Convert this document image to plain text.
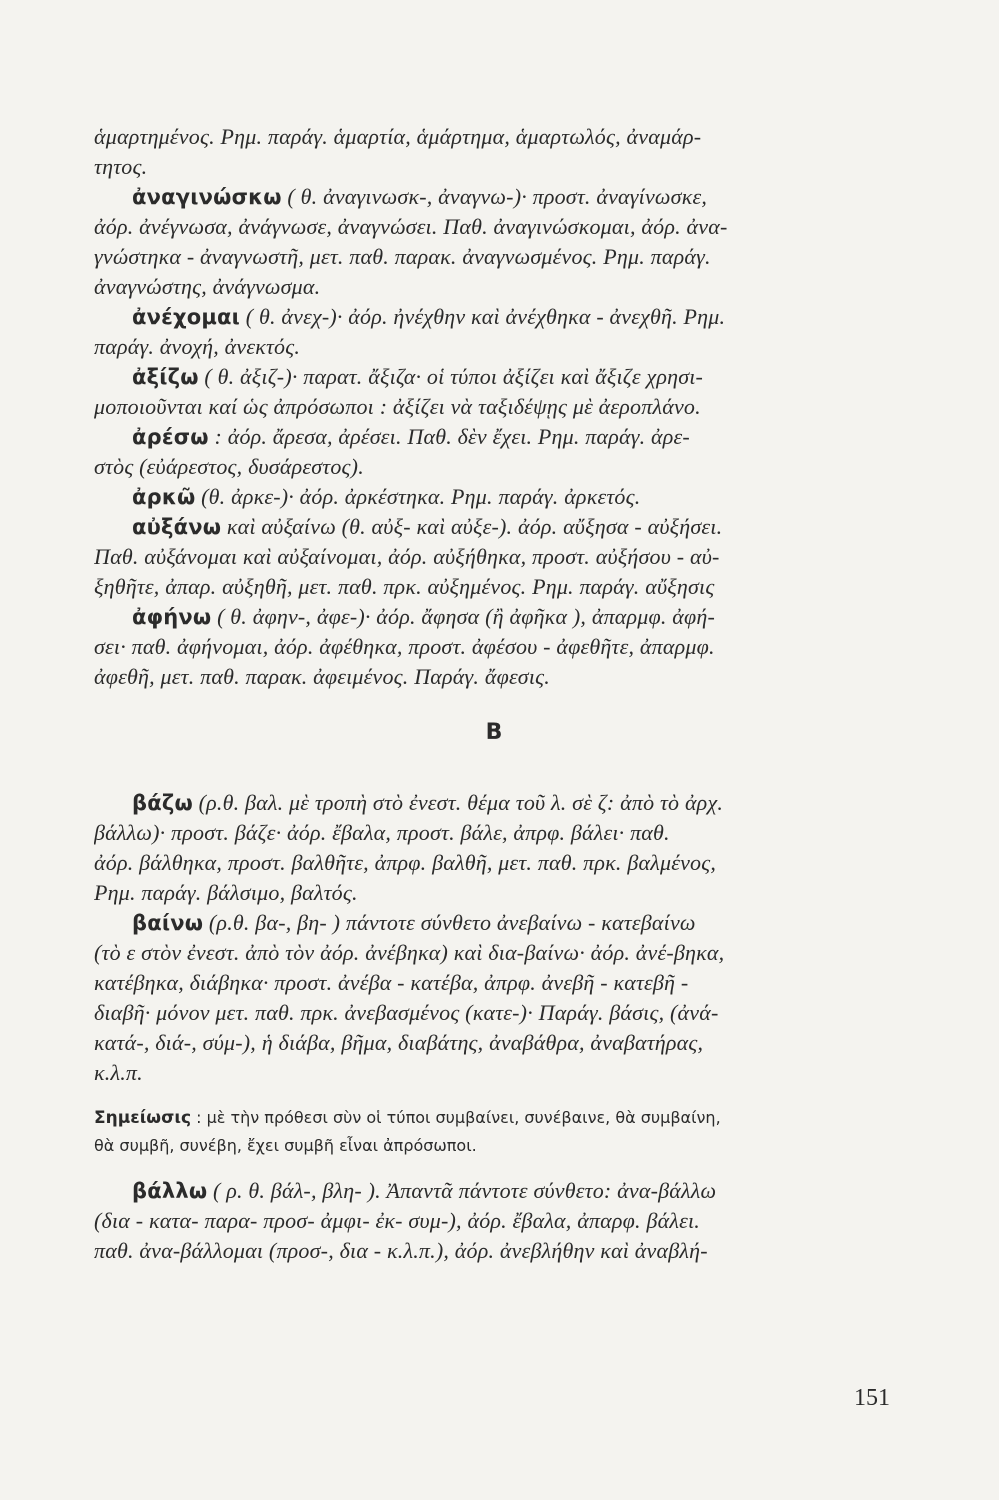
ἁμαρτημένος. Ρημ. παράγ. ἁμαρτία, ἁμάρτημα, ἁμαρτωλός, ἀναμάρ-
τητος.
ἀναγινώσκω ( θ. ἀναγινωσκ-, ἀναγνω-)· προστ. ἀναγίνωσκε,
ἀόρ. ἀνέγνωσα, ἀνάγνωσε, ἀναγνώσει. Παθ. ἀναγινώσκομαι, ἀόρ. ἀνα-
γνώστηκα - ἀναγνωστῆ, μετ. παθ. παρακ. ἀναγνωσμένος. Ρημ. παράγ.
ἀναγνώστης, ἀνάγνωσμα.
ἀνέχομαι ( θ. ἀνεχ-)· ἀόρ. ἠνέχθην καὶ ἀνέχθηκα - ἀνεχθῆ. Ρημ.
παράγ. ἀνοχή, ἀνεκτός.
ἀξίζω ( θ. ἀξιζ-)· παρατ. ἄξιζα· οἱ τύποι ἀξίζει καὶ ἄξιζε χρησι-
μοποιοῦνται καί ὡς ἀπρόσωποι : ἀξίζει νὰ ταξιδέψῃς μὲ ἀεροπλάνο.
ἀρέσω : ἀόρ. ἄρεσα, ἀρέσει. Παθ. δὲν ἔχει. Ρημ. παράγ. ἀρε-
στὸς (εὐάρεστος, δυσάρεστος).
ἀρκῶ (θ. ἀρκε-)· ἀόρ. ἀρκέστηκα. Ρημ. παράγ. ἀρκετός.
αὐξάνω καὶ αὐξαίνω (θ. αὐξ- καὶ αὐξε-). ἀόρ. αὔξησα - αὐξήσει.
Παθ. αὐξάνομαι καὶ αὐξαίνομαι, ἀόρ. αὐξήθηκα, προστ. αὐξήσου - αὐ-
ξηθῆτε, ἀπαρ. αὐξηθῆ, μετ. παθ. πρκ. αὐξημένος. Ρημ. παράγ. αὔξησις
ἀφήνω ( θ. ἀφην-, ἀφε-)· ἀόρ. ἄφησα (ἢ ἀφῆκα ), ἀπαρμφ. ἀφή-
σει· παθ. ἀφήνομαι, ἀόρ. ἀφέθηκα, προστ. ἀφέσου - ἀφεθῆτε, ἀπαρμφ.
ἀφεθῆ, μετ. παθ. παρακ. ἀφειμένος. Παράγ. ἄφεσις.
Β
βάζω (ρ.θ. βαλ. μὲ τροπὴ στὸ ἐνεστ. θέμα τοῦ λ. σὲ ζ: ἀπὸ τὸ ἀρχ.
βάλλω)· προστ. βάζε· ἀόρ. ἔβαλα, προστ. βάλε, ἀπρφ. βάλει· παθ.
ἀόρ. βάλθηκα, προστ. βαλθῆτε, ἀπρφ. βαλθῆ, μετ. παθ. πρκ. βαλμένος,
Ρημ. παράγ. βάλσιμο, βαλτός.
βαίνω (ρ.θ. βα-, βη- ) πάντοτε σύνθετο ἀνεβαίνω - κατεβαίνω
(τὸ ε στὸν ἐνεστ. ἀπὸ τὸν ἀόρ. ἀνέβηκα) καὶ δια-βαίνω· ἀόρ. ἀνέ-βηκα,
κατέβηκα, διάβηκα· προστ. ἀνέβα - κατέβα, ἀπρφ. ἀνεβῆ - κατεβῆ -
διαβῆ· μόνον μετ. παθ. πρκ. ἀνεβασμένος (κατε-)· Παράγ. βάσις, (ἀνά-
κατά-, διά-, σύμ-), ἡ διάβα, βῆμα, διαβάτης, ἀναβάθρα, ἀναβατήρας,
κ.λ.π.
Σημείωσις : μὲ τὴν πρόθεσι σὺν οἱ τύποι συμβαίνει, συνέβαινε, θὰ συμβαίνη,
θὰ συμβῆ, συνέβη, ἔχει συμβῆ εἶναι ἀπρόσωποι.
βάλλω ( ρ. θ. βάλ-, βλη- ). Ἀπαντᾶ πάντοτε σύνθετο: ἀνα-βάλλω
(δια - κατα- παρα- προσ- ἀμφι- ἐκ- συμ-), ἀόρ. ἔβαλα, ἀπαρφ. βάλει.
παθ. ἀνα-βάλλομαι (προσ-, δια - κ.λ.π.), ἀόρ. ἀνεβλήθην καὶ ἀναβλή-
151
